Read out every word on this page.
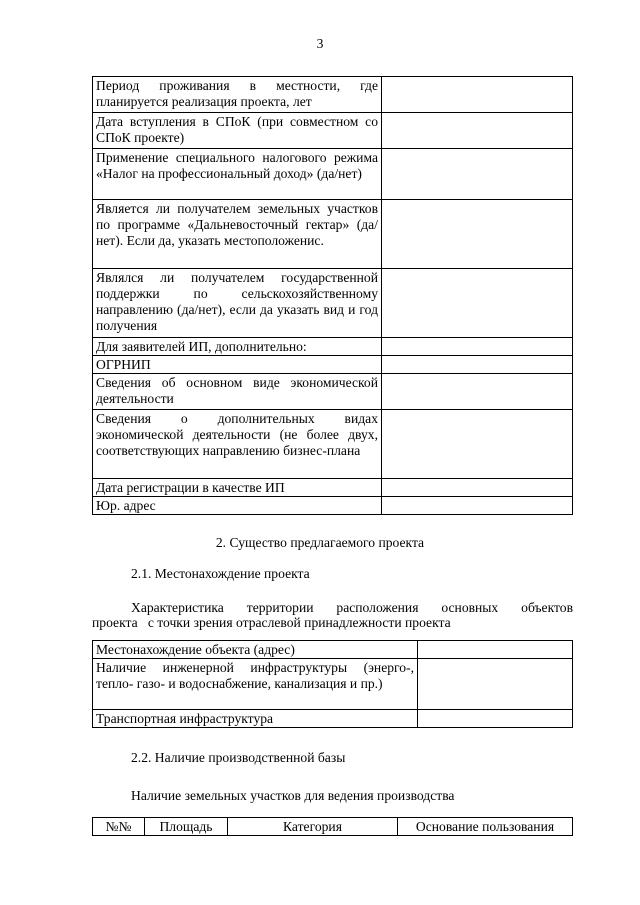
3
Период проживания в местности, где планируется реализация проекта, лет	
Дата вступления в СПоК (при совместном со СПоК проекте)	
Применение специального налогового режима «Налог на профессиональный доход» (да/нет)	
Является ли получателем земельных участков по программе «Дальневосточный гектар» (да/нет). Если да, указать местоположенис.	
Являлся ли получателем государственной поддержки по сельскохозяйственному направлению (да/нет), если да указать вид и год получения	
Для заявителей ИП, дополнительно:	
ОГРНИП	
Сведения об основном виде экономической деятельности	
Сведения о дополнительных видах экономической деятельности (не более двух, соответствующих направлению бизнес-плана	
Дата регистрации в качестве ИП	
Юр. адрес	
2. Существо предлагаемого проекта
2.1. Местонахождение проекта
Характеристика территории расположения основных объектов
проекта   с точки зрения отраслевой принадлежности проекта
Местонахождение объекта (адрес)	
Наличие инженерной инфраструктуры (энерго-, тепло- газо- и водоснабжение, канализация и пр.)	
Транспортная инфраструктура	
2.2. Наличие производственной базы
Наличие земельных участков для ведения производства
№№	Площадь	Категория	Основание пользования
